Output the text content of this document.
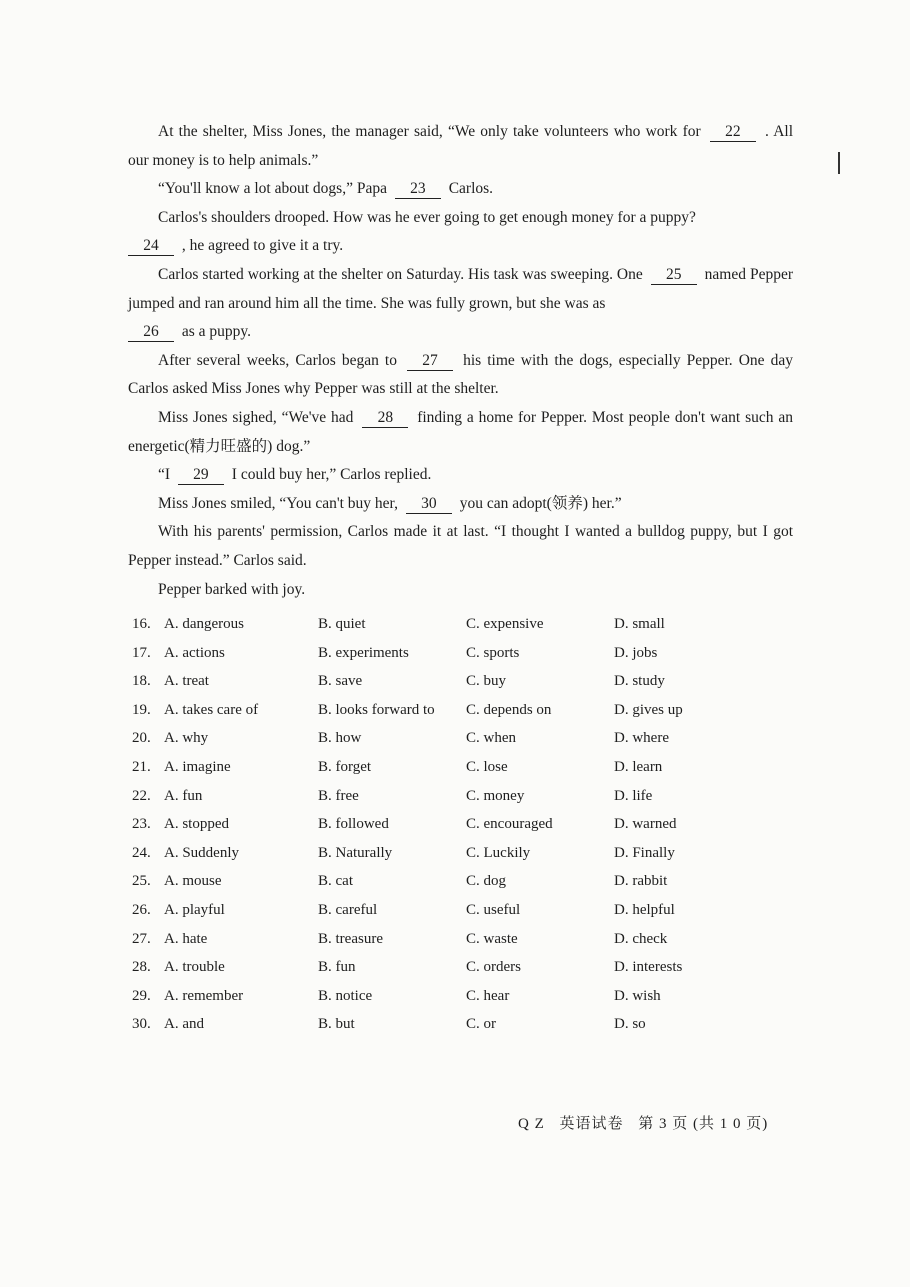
At the shelter, Miss Jones, the manager said, “We only take volunteers who work for 22 . All our money is to help animals.”

“You'll know a lot about dogs,” Papa 23 Carlos.

Carlos's shoulders drooped. How was he ever going to get enough money for a puppy?

24 , he agreed to give it a try.

Carlos started working at the shelter on Saturday. His task was sweeping. One 25 named Pepper jumped and ran around him all the time. She was fully grown, but she was as

26 as a puppy.

After several weeks, Carlos began to 27 his time with the dogs, especially Pepper. One day Carlos asked Miss Jones why Pepper was still at the shelter.

Miss Jones sighed, “We've had 28 finding a home for Pepper. Most people don't want such an energetic(精力旺盛的) dog.”

“I 29 I could buy her,” Carlos replied.

Miss Jones smiled, “You can't buy her, 30 you can adopt(领养) her.”

With his parents' permission, Carlos made it at last. “I thought I wanted a bulldog puppy, but I got Pepper instead.” Carlos said.

Pepper barked with joy.

16. A. dangerous	B. quiet	C. expensive	D. small
17. A. actions	B. experiments	C. sports	D. jobs
18. A. treat	B. save	C. buy	D. study
19. A. takes care of	B. looks forward to C. depends on	D. gives up
20. A. why	B. how	C. when	D. where
21. A. imagine	B. forget	C. lose	D. learn
22. A. fun	B. free	C. money	D. life
23. A. stopped	B. followed	C. encouraged	D. warned
24. A. Suddenly	B. Naturally	C. Luckily	D. Finally
25. A. mouse	B. cat	C. dog	D. rabbit
26. A. playful	B. careful	C. useful	D. helpful
27. A. hate	B. treasure	C. waste	D. check
28. A. trouble	B. fun	C. orders	D. interests
29. A. remember	B. notice	C. hear	D. wish
30. A. and	B. but	C. or	D. so
Q Z 英语试卷 第 3 页 (共 1 0 页)
